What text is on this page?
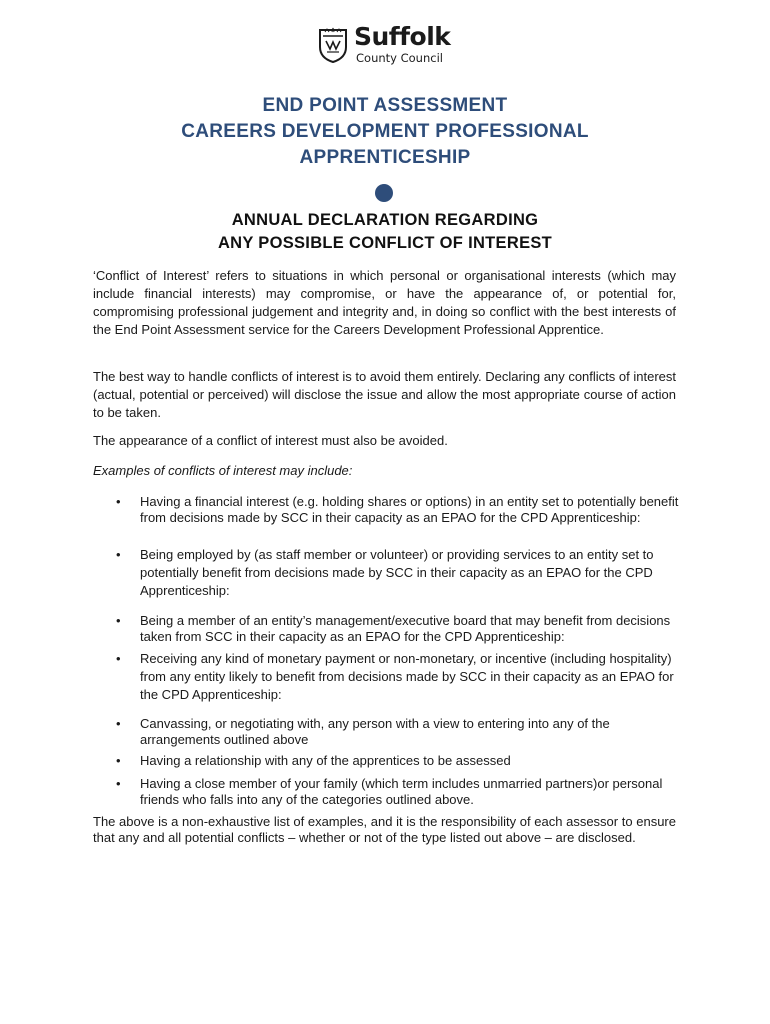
Suffolk
County Council
END POINT ASSESSMENT
CAREERS DEVELOPMENT PROFESSIONAL
APPRENTICESHIP
ANNUAL DECLARATION REGARDING
ANY POSSIBLE CONFLICT OF INTEREST

‘Conflict of Interest’ refers to situations in which personal or organisational interests (which may include financial interests) may compromise, or have the appearance of, or potential for, compromising professional judgement and integrity and, in doing so conflict with the best interests of the End Point Assessment service for the Careers Development Professional Apprentice.

The best way to handle conflicts of interest is to avoid them entirely. Declaring any conflicts of interest (actual, potential or perceived) will disclose the issue and allow the most appropriate course of action to be taken.

The appearance of a conflict of interest must also be avoided.

Examples of conflicts of interest may include:

• Having a financial interest (e.g. holding shares or options) in an entity set to potentially benefit from decisions made by SCC in their capacity as an EPAO for the CPD Apprenticeship:

• Being employed by (as staff member or volunteer) or providing services to an entity set to potentially benefit from decisions made by SCC in their capacity as an EPAO for the CPD Apprenticeship:

• Being a member of an entity’s management/executive board that may benefit from decisions taken from SCC in their capacity as an EPAO for the CPD Apprenticeship:

• Receiving any kind of monetary payment or non-monetary, or incentive (including hospitality) from any entity likely to benefit from decisions made by SCC in their capacity as an EPAO for the CPD Apprenticeship:

• Canvassing, or negotiating with, any person with a view to entering into any of the arrangements outlined above

• Having a relationship with any of the apprentices to be assessed

• Having a close member of your family (which term includes unmarried partners)or personal friends who falls into any of the categories outlined above.

The above is a non-exhaustive list of examples, and it is the responsibility of each assessor to ensure that any and all potential conflicts – whether or not of the type listed out above – are disclosed.
